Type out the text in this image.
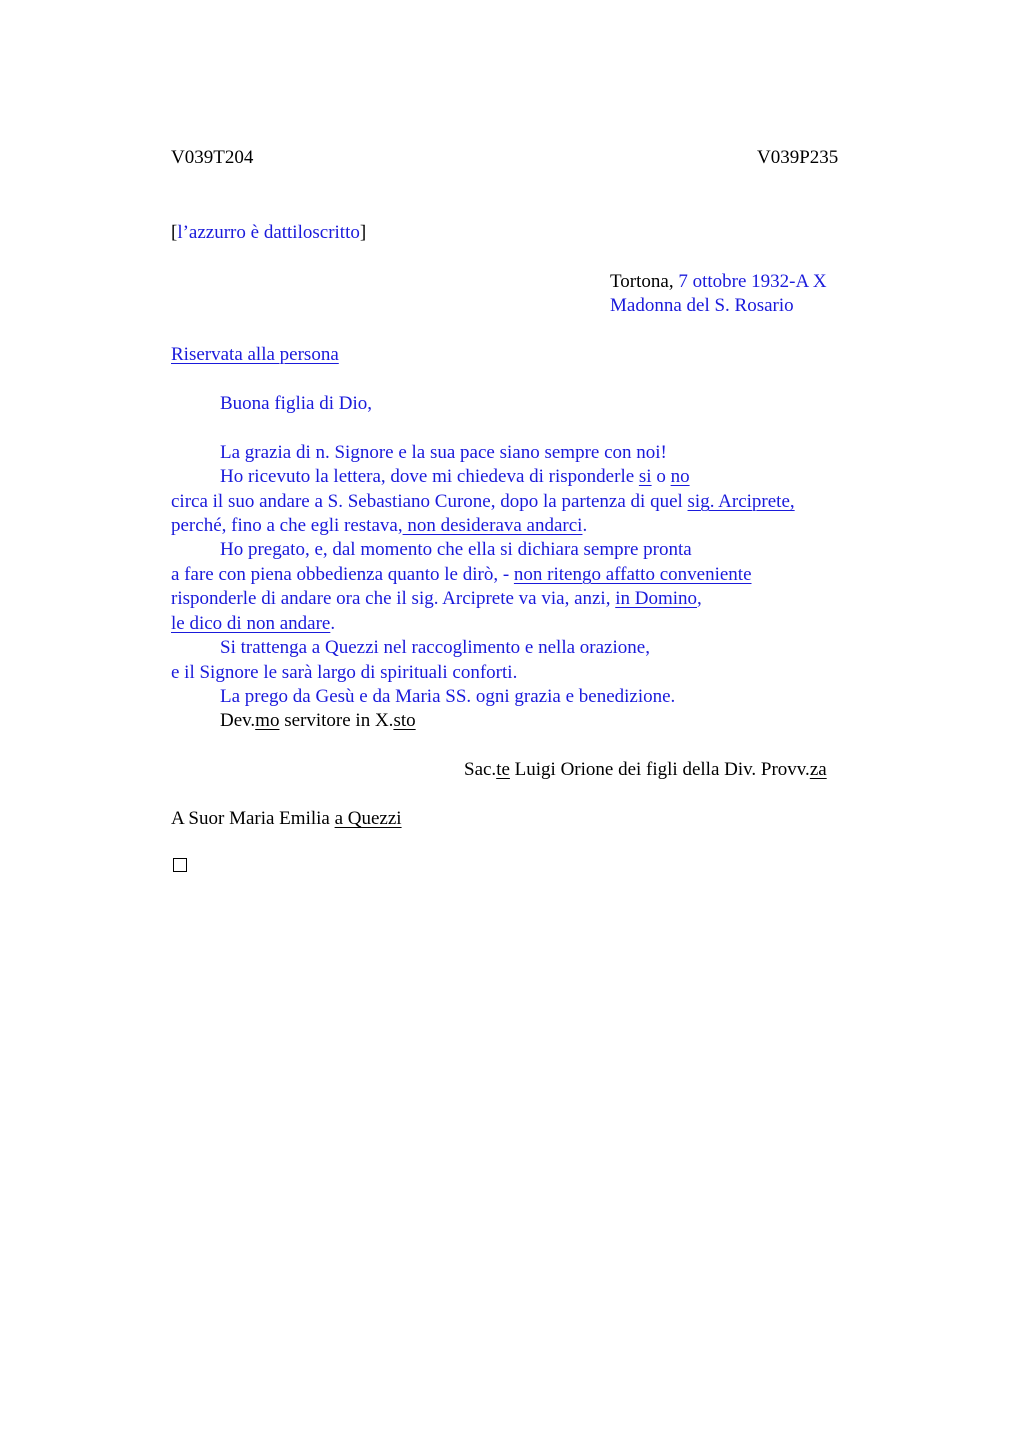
V039T204	V039P235
[l’azzurro è dattiloscritto]
Tortona, 7 ottobre 1932-A X
Madonna del S. Rosario
Riservata alla persona
Buona figlia di Dio,
La grazia di n. Signore e la sua pace siano sempre con noi!
Ho ricevuto la lettera, dove mi chiedeva di risponderle si o no
circa il suo andare a S. Sebastiano Curone, dopo la partenza di quel sig. Arciprete,
perché, fino a che egli restava, non desiderava andarci.
Ho pregato, e, dal momento che ella si dichiara sempre pronta
a fare con piena obbedienza quanto le dirò, - non ritengo affatto conveniente
risponderle di andare ora che il sig. Arciprete va via, anzi, in Domino,
le dico di non andare.
Si trattenga a Quezzi nel raccoglimento e nella orazione,
e il Signore le sarà largo di spirituali conforti.
La prego da Gesù e da Maria SS. ogni grazia e benedizione.
Dev.mo servitore in X.sto
Sac.te Luigi Orione dei figli della Div. Provv.za
A Suor Maria Emilia a Quezzi
